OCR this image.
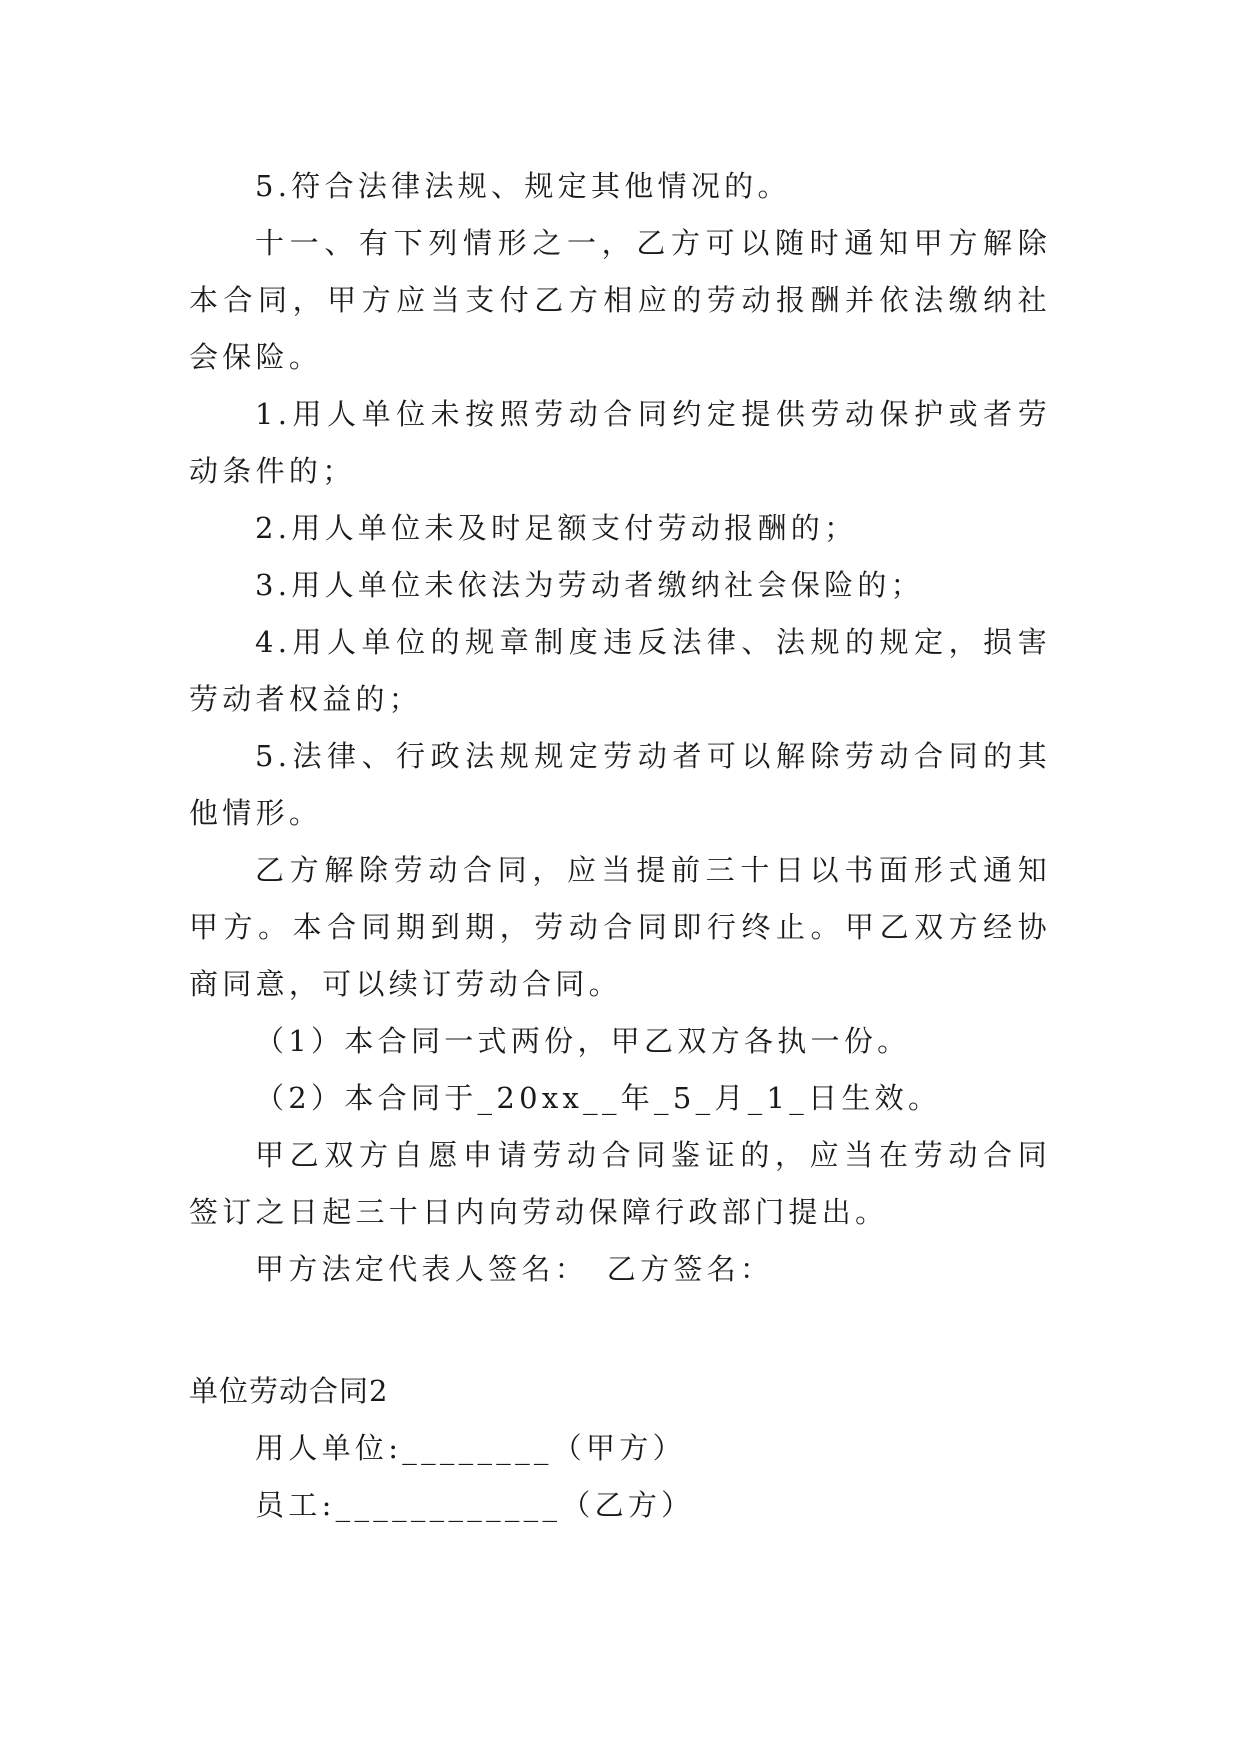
5.符合法律法规、规定其他情况的。

十一、有下列情形之一，乙方可以随时通知甲方解除本合同，甲方应当支付乙方相应的劳动报酬并依法缴纳社会保险。

1.用人单位未按照劳动合同约定提供劳动保护或者劳动条件的；

2.用人单位未及时足额支付劳动报酬的；

3.用人单位未依法为劳动者缴纳社会保险的；

4.用人单位的规章制度违反法律、法规的规定，损害劳动者权益的；

5.法律、行政法规规定劳动者可以解除劳动合同的其他情形。

乙方解除劳动合同，应当提前三十日以书面形式通知甲方。本合同期到期，劳动合同即行终止。甲乙双方经协商同意，可以续订劳动合同。

（1）本合同一式两份，甲乙双方各执一份。

（2）本合同于_20xx__年_5_月_1_日生效。

甲乙双方自愿申请劳动合同鉴证的，应当在劳动合同签订之日起三十日内向劳动保障行政部门提出。

甲方法定代表人签名：　乙方签名：

单位劳动合同2

用人单位:________（甲方）

员工:____________（乙方）
